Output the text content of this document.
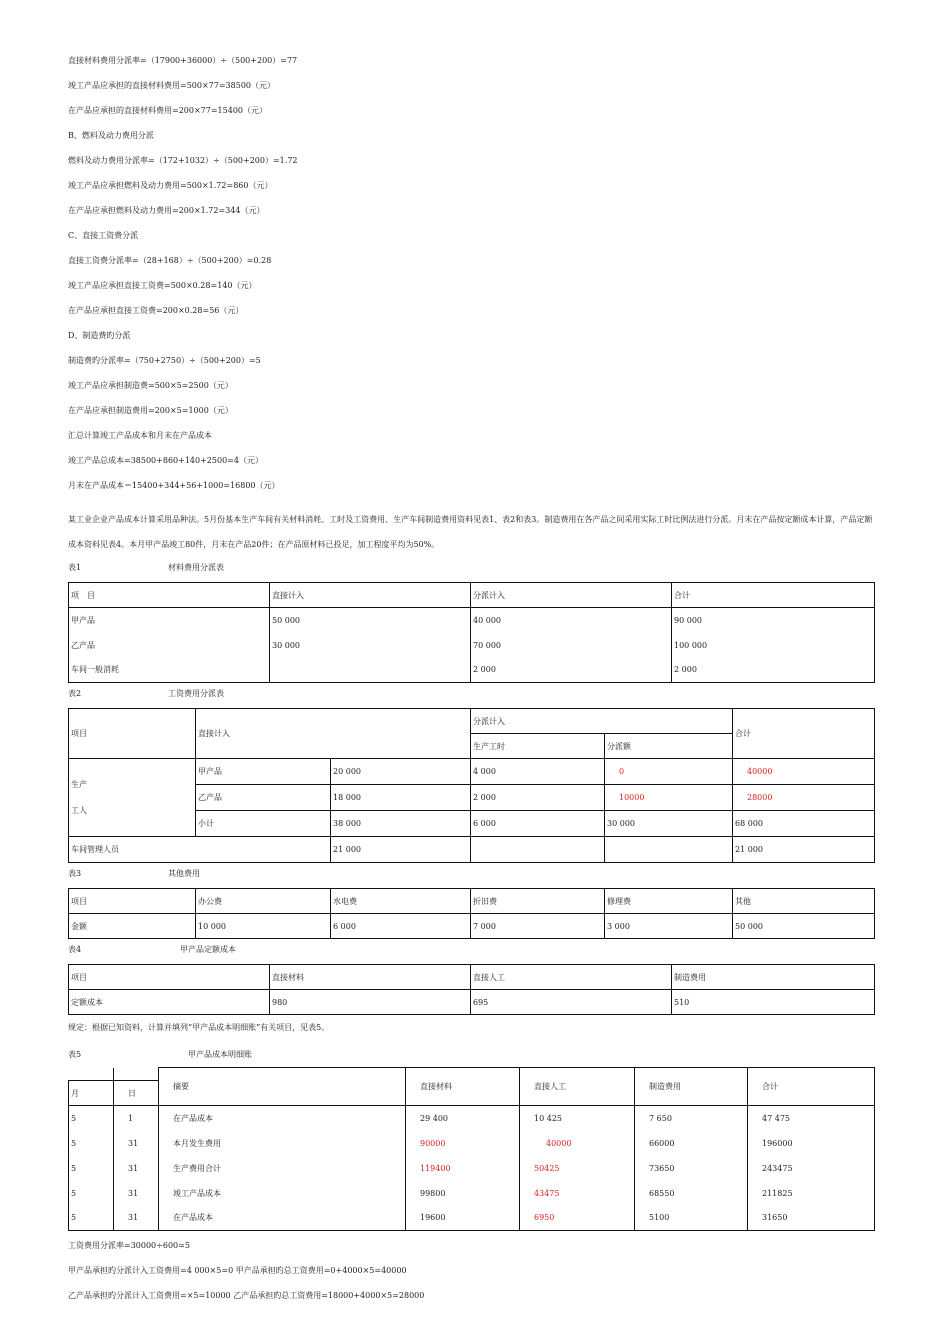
直接材料费用分派率=（17900+36000）÷（500+200）=77
竣工产品应承担的直接材料费用=500×77=38500（元）
在产品应承担的直接材料费用=200×77=15400（元）
B、燃料及动力费用分派
燃料及动力费用分派率=（172+1032）÷（500+200）=1.72
竣工产品应承担燃料及动力费用=500×1.72=860（元）
在产品应承担燃料及动力费用=200×1.72=344（元）
C、直接工资费分派
直接工资费分派率=（28+168）÷（500+200）=0.28
竣工产品应承担直接工资费=500×0.28=140（元）
在产品应承担直接工资费=200×0.28=56（元）
D、制造费旳分派
制造费旳分派率=（750+2750）÷（500+200）=5
竣工产品应承担制造费=500×5=2500（元）
在产品应承担制造费用=200×5=1000（元）
汇总计算竣工产品成本和月末在产品成本
竣工产品总成本=38500+860+140+2500=4（元）
月末在产品成本＝15400+344+56+1000=16800（元）
某工业企业产品成本计算采用品种法。5月份基本生产车间有关材料消耗、工时及工资费用、生产车间制造费用资料见表1、表2和表3。制造费用在各产品之间采用实际工时比例法进行分派。月末在产品按定额成本计算，产品定额成本资料见表4。本月甲产品竣工80件，月末在产品20件；在产品原材料已投足，加工程度平均为50%。
表1	材料费用分派表
项　目	直接计入	分派计入	合计
甲产品	50 000	40 000	90 000
乙产品	30 000	70 000	100 000
车间一般消耗		2 000	2 000
表2	工资费用分派表
项目	直接计入		分派计入		合计
			生产工时	分派额	
生产
工人	甲产品	20 000	4 000	0	40000
	乙产品	18 000	2 000	10000	28000
	小计	38 000	6 000	30 000	68 000
车间管理人员		21 000			21 000
表3	其他费用
项目	办公费	水电费	折旧费	修理费	其他
金额	10 000	6 000	7 000	3 000	50 000
表4	甲产品定额成本
项目	直接材料	直接人工	制造费用
定额成本	980	695	510
规定：根据已知资料，计算并填列“甲产品成本明细账”有关项目，见表5。
表5	甲产品成本明细账
		摘要	直接材料	直接人工	制造费用	合计
月	日					
5	1	在产品成本	29 400	10 425	7 650	47 475
5	31	本月发生费用	90000	40000	66000	196000
5	31	生产费用合计	119400	50425	73650	243475
5	31	竣工产品成本	99800	43475	68550	211825
5	31	在产品成本	19600	6950	5100	31650
工资费用分派率=30000÷600=5
甲产品承担旳分派计入工资费用=4 000×5=0 甲产品承担旳总工资费用=0+4000×5=40000
乙产品承担旳分派计入工资费用=×5=10000 乙产品承担旳总工资费用=18000+4000×5=28000
